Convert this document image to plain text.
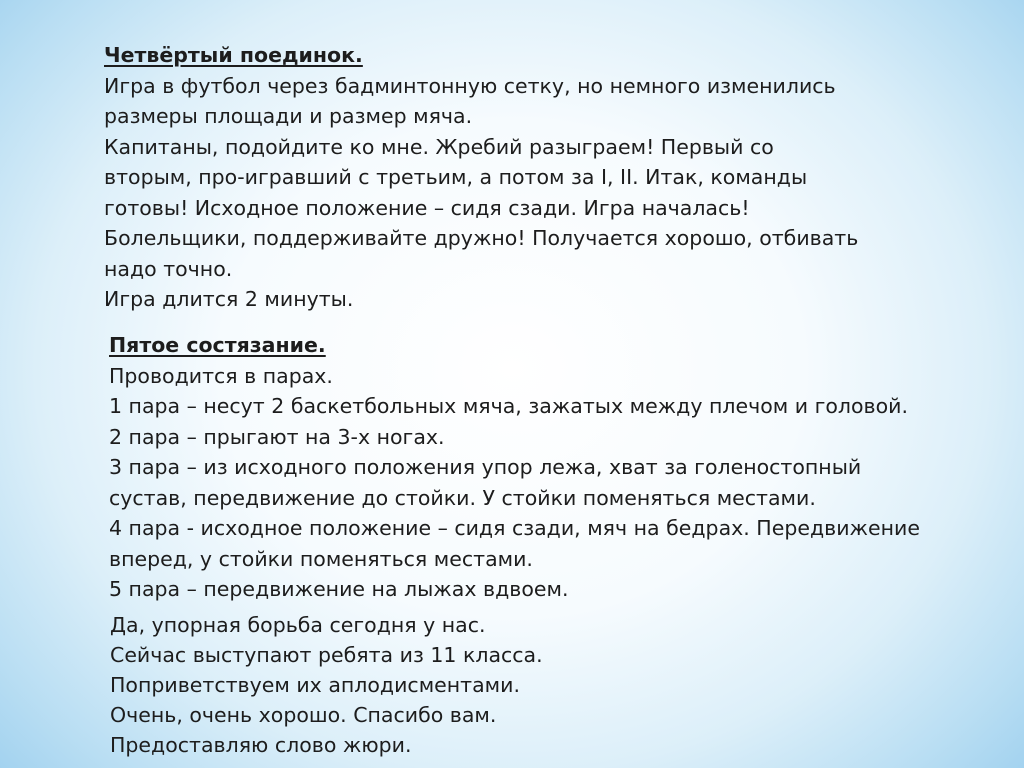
Четвёртый поединок.

Игра в футбол через бадминтонную сетку, но немного изменились

размеры площади и размер мяча.

Капитаны, подойдите ко мне. Жребий разыграем! Первый со

вторым, про-игравший с третьим, а потом за I, II. Итак, команды

готовы! Исходное положение – сидя сзади. Игра началась!

Болельщики, поддерживайте дружно! Получается хорошо, отбивать

надо точно.

Игра длится 2 минуты.

Пятое состязание.

Проводится в парах.

1 пара – несут 2 баскетбольных мяча, зажатых между плечом и головой.

2 пара – прыгают на 3-х ногах.

3 пара – из исходного положения упор лежа, хват за голеностопный

сустав, передвижение до стойки. У стойки поменяться местами.

4 пара - исходное положение – сидя сзади, мяч на бедрах. Передвижение

вперед, у стойки поменяться местами.

5 пара – передвижение на лыжах вдвоем.

Да, упорная борьба сегодня у нас.

Сейчас выступают ребята из 11 класса.

Поприветствуем их аплодисментами.

Очень, очень хорошо. Спасибо вам.

Предоставляю слово жюри.
